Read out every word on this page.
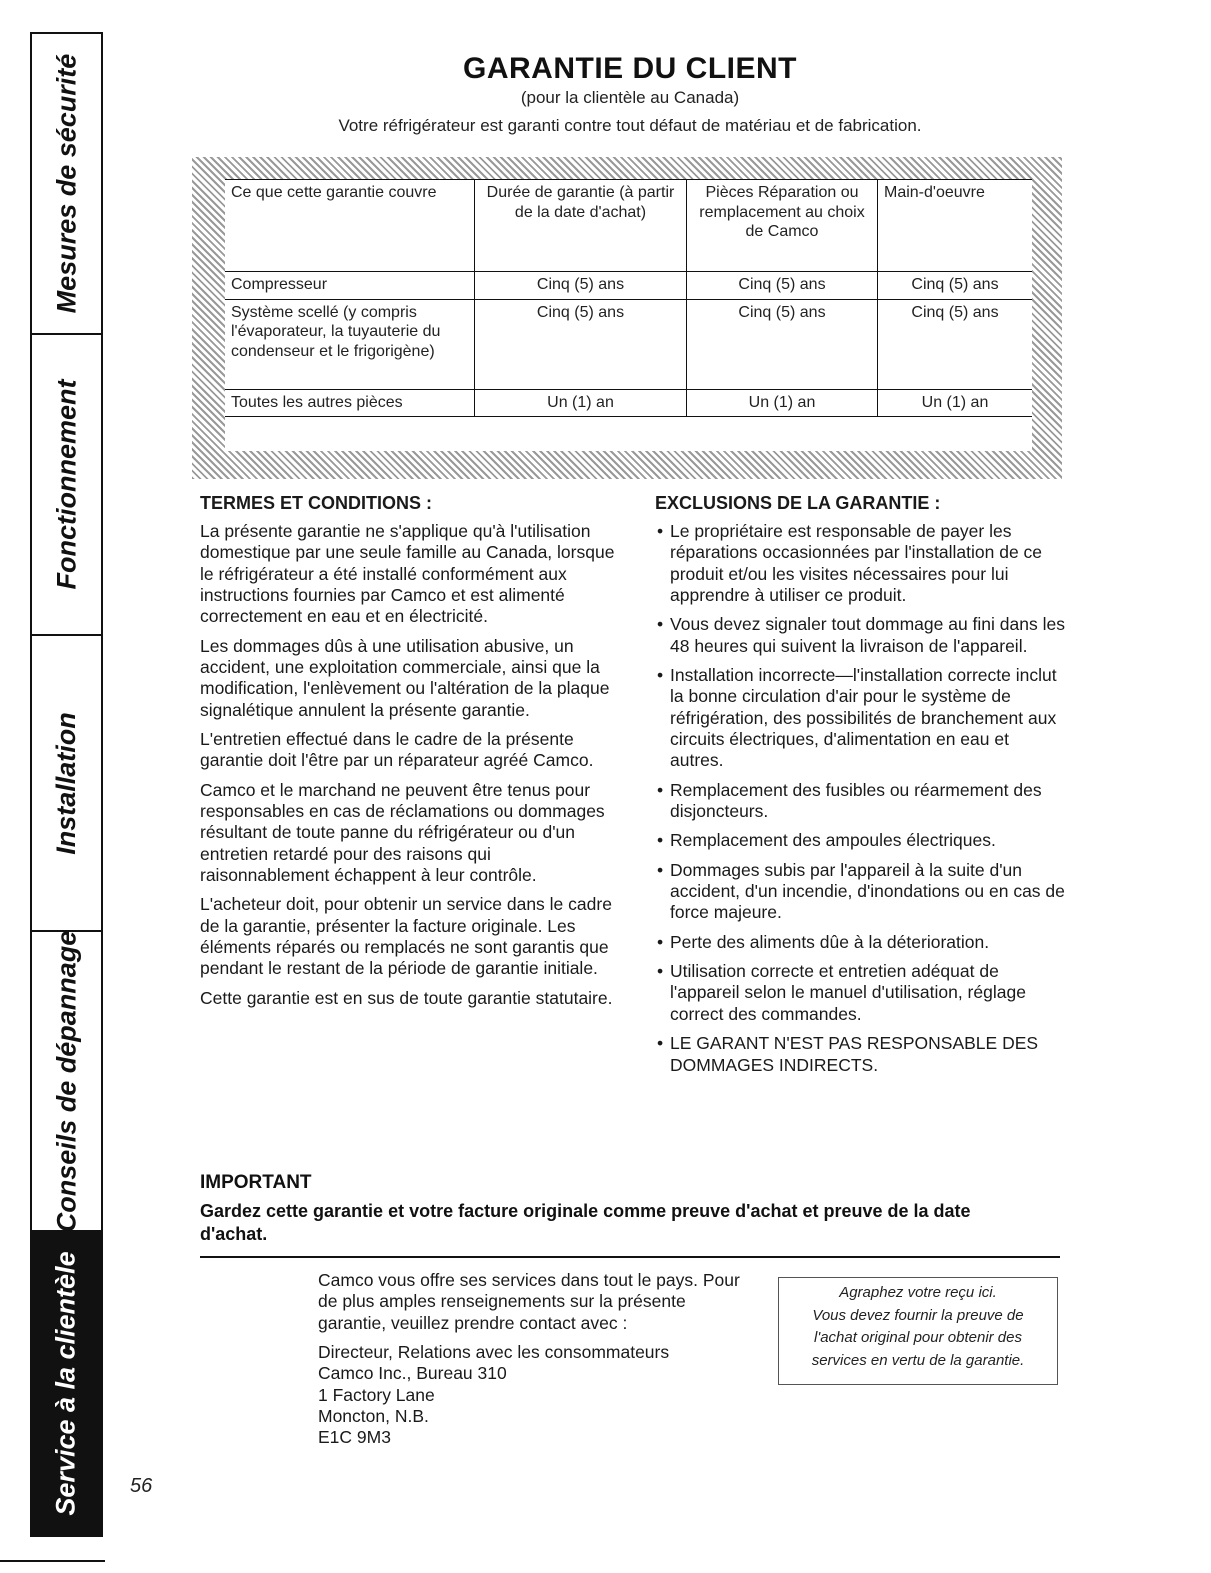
Mesures de sécurité
Fonctionnement
Installation
Conseils de dépannage
Service à la clientèle
GARANTIE DU CLIENT
(pour la clientèle au Canada)
Votre réfrigérateur est garanti contre tout défaut de matériau et de fabrication.
Ce que cette garantie couvre	Durée de garantie (à partir de la date d'achat)	Pièces Réparation ou remplacement au choix de Camco	Main-d'oeuvre
Compresseur	Cinq (5) ans	Cinq (5) ans	Cinq (5) ans
Système scellé (y compris l'évaporateur, la tuyauterie du condenseur et le frigorigène)	Cinq (5) ans	Cinq (5) ans	Cinq (5) ans
Toutes les autres pièces	Un (1) an	Un (1) an	Un (1) an
TERMES ET CONDITIONS :

La présente garantie ne s'applique qu'à l'utilisation domestique par une seule famille au Canada, lorsque le réfrigérateur a été installé conformément aux instructions fournies par Camco et est alimenté correctement en eau et en électricité.

Les dommages dûs à une utilisation abusive, un accident, une exploitation commerciale, ainsi que la modification, l'enlèvement ou l'altération de la plaque signalétique annulent la présente garantie.

L'entretien effectué dans le cadre de la présente garantie doit l'être par un réparateur agréé Camco.

Camco et le marchand ne peuvent être tenus pour responsables en cas de réclamations ou dommages résultant de toute panne du réfrigérateur ou d'un entretien retardé pour des raisons qui raisonnablement échappent à leur contrôle.

L'acheteur doit, pour obtenir un service dans le cadre de la garantie, présenter la facture originale. Les éléments réparés ou remplacés ne sont garantis que pendant le restant de la période de garantie initiale.

Cette garantie est en sus de toute garantie statutaire.

EXCLUSIONS DE LA GARANTIE :
• Le propriétaire est responsable de payer les réparations occasionnées par l'installation de ce produit et/ou les visites nécessaires pour lui apprendre à utiliser ce produit.
• Vous devez signaler tout dommage au fini dans les 48 heures qui suivent la livraison de l'appareil.
• Installation incorrecte—l'installation correcte inclut la bonne circulation d'air pour le système de réfrigération, des possibilités de branchement aux circuits électriques, d'alimentation en eau et autres.
• Remplacement des fusibles ou réarmement des disjoncteurs.
• Remplacement des ampoules électriques.
• Dommages subis par l'appareil à la suite d'un accident, d'un incendie, d'inondations ou en cas de force majeure.
• Perte des aliments dûe à la déterioration.
• Utilisation correcte et entretien adéquat de l'appareil selon le manuel d'utilisation, réglage correct des commandes.
• LE GARANT N'EST PAS RESPONSABLE DES DOMMAGES INDIRECTS.
IMPORTANT
Gardez cette garantie et votre facture originale comme preuve d'achat et preuve de la date d'achat.

Camco vous offre ses services dans tout le pays. Pour de plus amples renseignements sur la présente garantie, veuillez prendre contact avec :

Directeur, Relations avec les consommateurs
Camco Inc., Bureau 310
1 Factory Lane
Moncton, N.B.
E1C 9M3
Agraphez votre reçu ici.
Vous devez fournir la preuve de
l'achat original pour obtenir des
services en vertu de la garantie.
56
